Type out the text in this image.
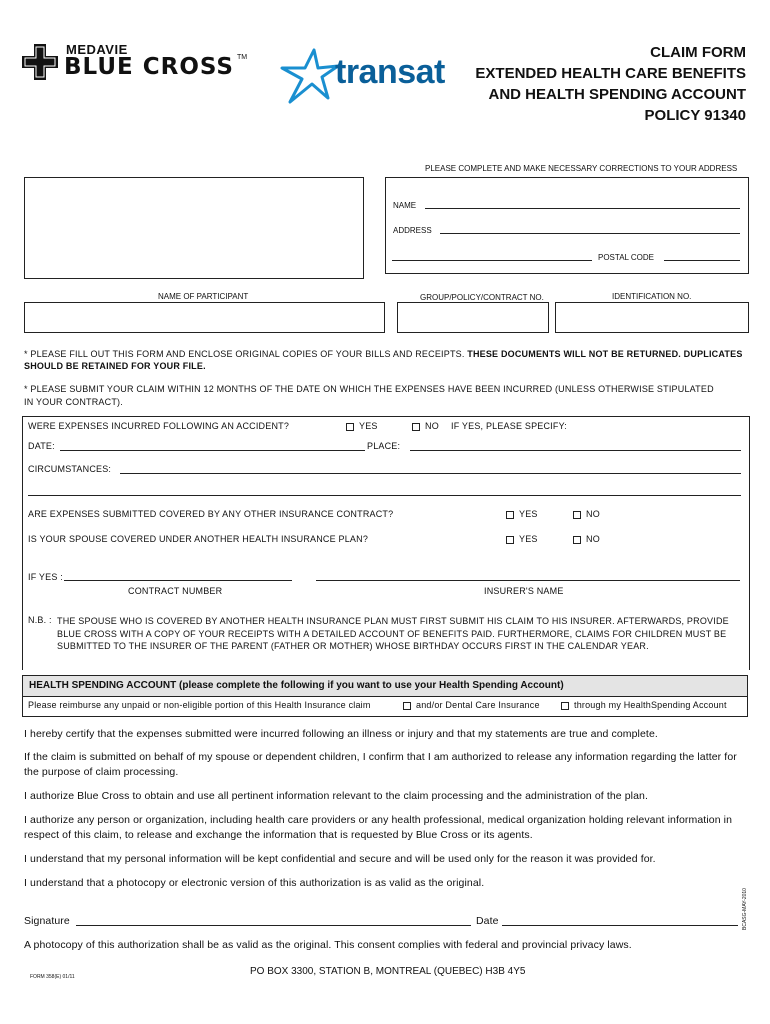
MEDAVIE
BLUE CROSS TM	transat
CLAIM FORM
EXTENDED HEALTH CARE BENEFITS
AND HEALTH SPENDING ACCOUNT
POLICY 91340
PLEASE COMPLETE AND MAKE NECESSARY CORRECTIONS TO YOUR ADDRESS
NAME
ADDRESS
POSTAL CODE
NAME OF PARTICIPANT	GROUP/POLICY/CONTRACT NO.	IDENTIFICATION NO.
* PLEASE FILL OUT THIS FORM AND ENCLOSE ORIGINAL COPIES OF YOUR BILLS AND RECEIPTS. THESE DOCUMENTS WILL NOT BE RETURNED. DUPLICATES SHOULD BE RETAINED FOR YOUR FILE.
* PLEASE SUBMIT YOUR CLAIM WITHIN 12 MONTHS OF THE DATE ON WHICH THE EXPENSES HAVE BEEN INCURRED (UNLESS OTHERWISE STIPULATED IN YOUR CONTRACT).
WERE EXPENSES INCURRED FOLLOWING AN ACCIDENT?	YES	NO IF YES, PLEASE SPECIFY:
DATE:	PLACE:
CIRCUMSTANCES:
ARE EXPENSES SUBMITTED COVERED BY ANY OTHER INSURANCE CONTRACT?	YES	NO
IS YOUR SPOUSE COVERED UNDER ANOTHER HEALTH INSURANCE PLAN?	YES	NO
IF YES :
CONTRACT NUMBER	INSURER'S NAME
N.B. : THE SPOUSE WHO IS COVERED BY ANOTHER HEALTH INSURANCE PLAN MUST FIRST SUBMIT HIS CLAIM TO HIS INSURER. AFTERWARDS, PROVIDE BLUE CROSS WITH A COPY OF YOUR RECEIPTS WITH A DETAILED ACCOUNT OF BENEFITS PAID. FURTHERMORE, CLAIMS FOR CHILDREN MUST BE SUBMITTED TO THE INSURER OF THE PARENT (FATHER OR MOTHER) WHOSE BIRTHDAY OCCURS FIRST IN THE CALENDAR YEAR.
HEALTH SPENDING ACCOUNT (please complete the following if you want to use your Health Spending Account)
Please reimburse any unpaid or non-eligible portion of this Health Insurance claim	and/or Dental Care Insurance	through my HealthSpending Account
I hereby certify that the expenses submitted were incurred following an illness or injury and that my statements are true and complete.
If the claim is submitted on behalf of my spouse or dependent children, I confirm that I am authorized to release any information regarding the latter for the purpose of claim processing.
I authorize Blue Cross to obtain and use all pertinent information relevant to the claim processing and the administration of the plan.
I authorize any person or organization, including health care providers or any health professional, medical organization holding relevant information in respect of this claim, to release and exchange the information that is requested by Blue Cross or its agents.
I understand that my personal information will be kept confidential and secure and will be used only for the reason it was provided for.
I understand that a photocopy or electronic version of this authorization is as valid as the original.
Signature	Date
A photocopy of this authorization shall be as valid as the original. This consent complies with federal and provincial privacy laws.
FORM 358(E) 01/11	PO BOX 3300, STATION B, MONTREAL (QUEBEC) H3B 4Y5
BCASG-MAY-2010
